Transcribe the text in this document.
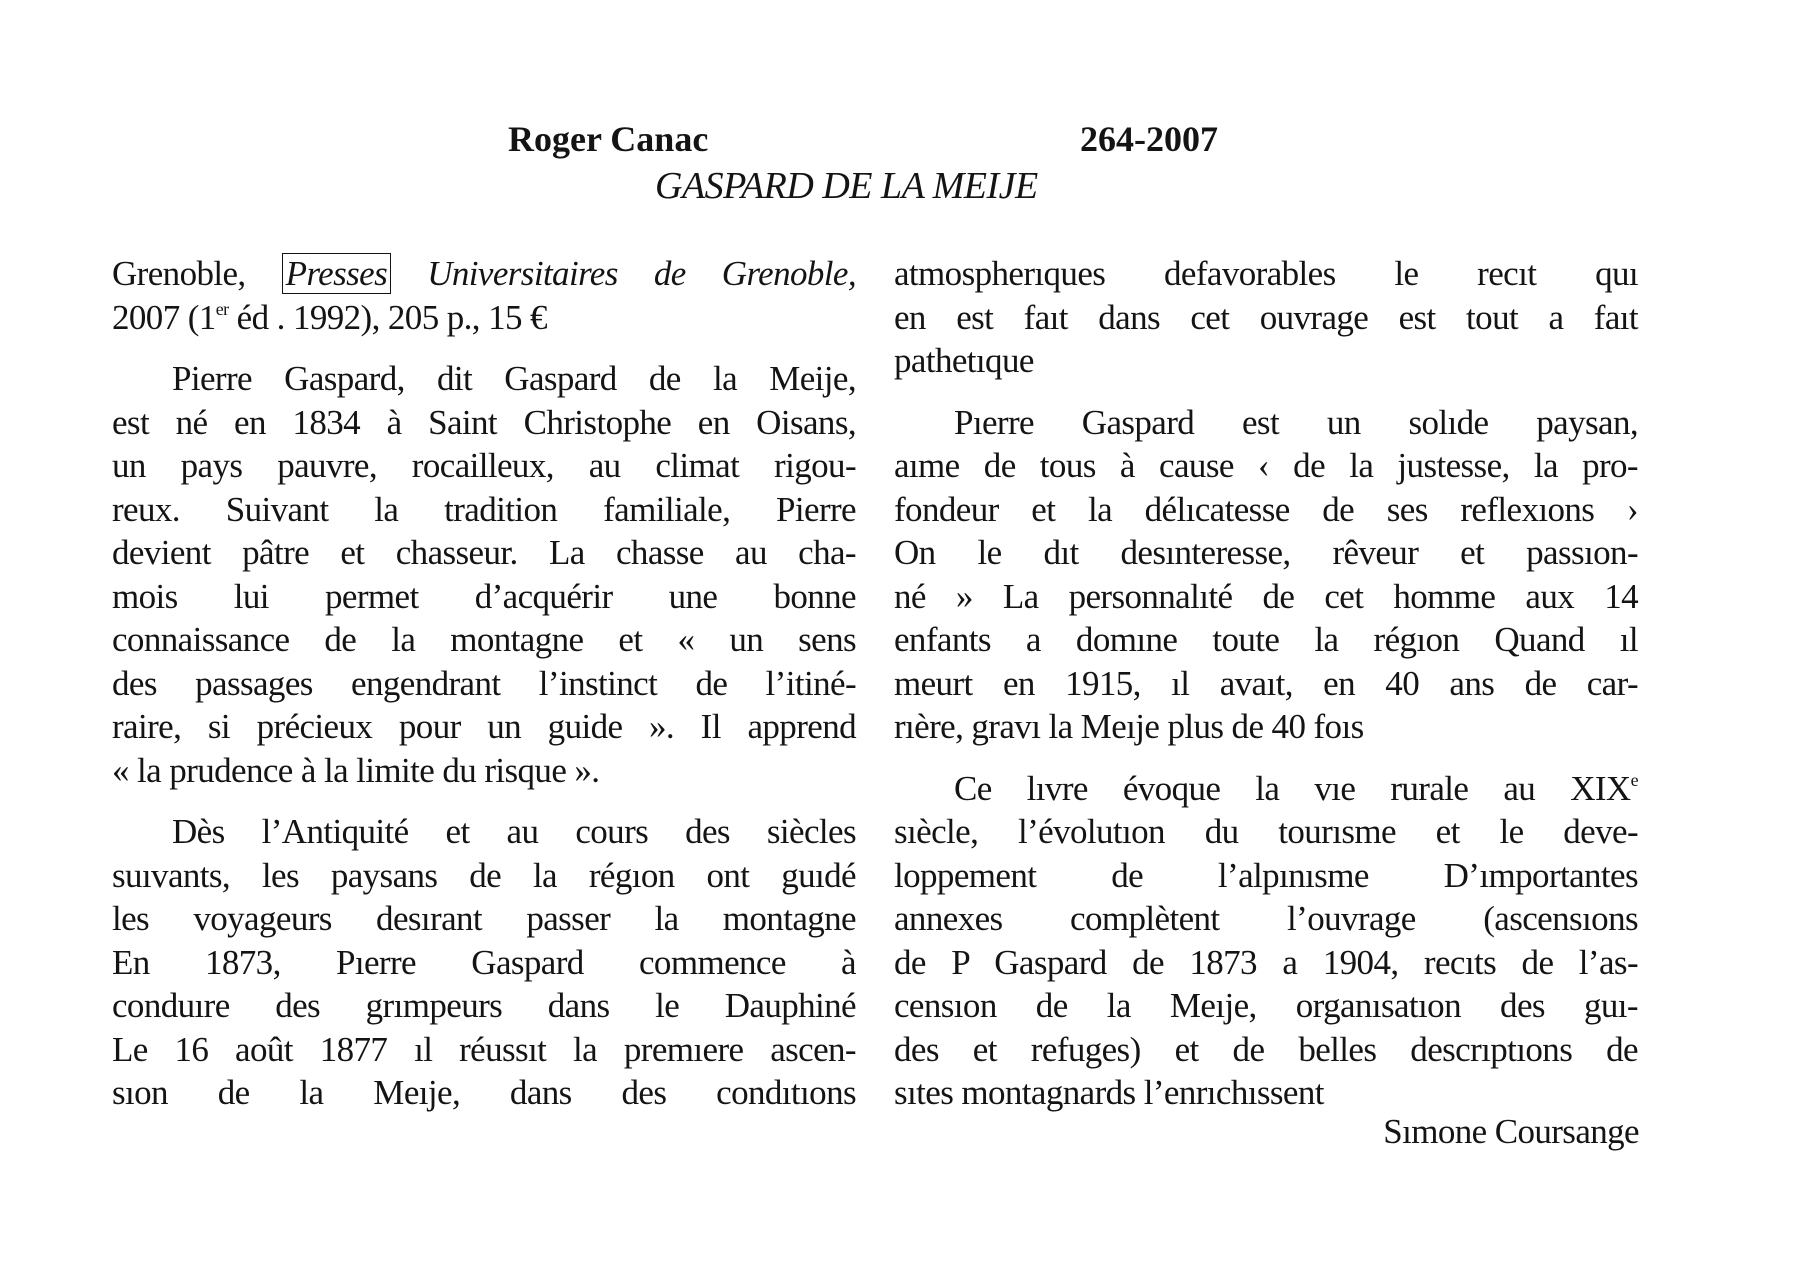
Roger Canac	264-2007
GASPARD DE LA MEIJE
Grenoble, Presses Universitaires de Grenoble,
2007 (1er éd . 1992), 205 p., 15 €
Pierre Gaspard, dit Gaspard de la Meije,
est né en 1834 à Saint Christophe en Oisans,
un pays pauvre, rocailleux, au climat rigou-
reux. Suivant la tradition familiale, Pierre
devient pâtre et chasseur. La chasse au cha-
mois lui permet d’acquérir une bonne
connaissance de la montagne et « un sens
des passages engendrant l’instinct de l’itiné-
raire, si précieux pour un guide ». Il apprend
« la prudence à la limite du risque ».
Dès l’Antiquité et au cours des siècles
suıvants, les paysans de la régıon ont guıdé
les voyageurs desırant passer la montagne
En 1873, Pıerre Gaspard commence à
conduıre des grımpeurs dans le Dauphiné
Le 16 août 1877 ıl réussıt la premıere ascen-
sıon de la Meıje, dans des condıtıons
atmospherıques defavorables le recıt quı
en est faıt dans cet ouvrage est tout a faıt
pathetıque
Pıerre Gaspard est un solıde paysan,
aıme de tous à cause ‹ de la justesse, la pro-
fondeur et la délıcatesse de ses reflexıons ›
On le dıt desınteresse, rêveur et passıon-
né » La personnalıté de cet homme aux 14
enfants a domıne toute la régıon Quand ıl
meurt en 1915, ıl avaıt, en 40 ans de car-
rıère, gravı la Meıje plus de 40 foıs
Ce lıvre évoque la vıe rurale au XIXe
sıècle, l’évolutıon du tourısme et le deve-
loppement de l’alpınısme D’ımportantes
annexes complètent l’ouvrage (ascensıons
de P Gaspard de 1873 a 1904, recıts de l’as-
censıon de la Meıje, organısatıon des guı-
des et refuges) et de belles descrıptıons de
sıtes montagnards l’enrıchıssent
Sımone Coursange
